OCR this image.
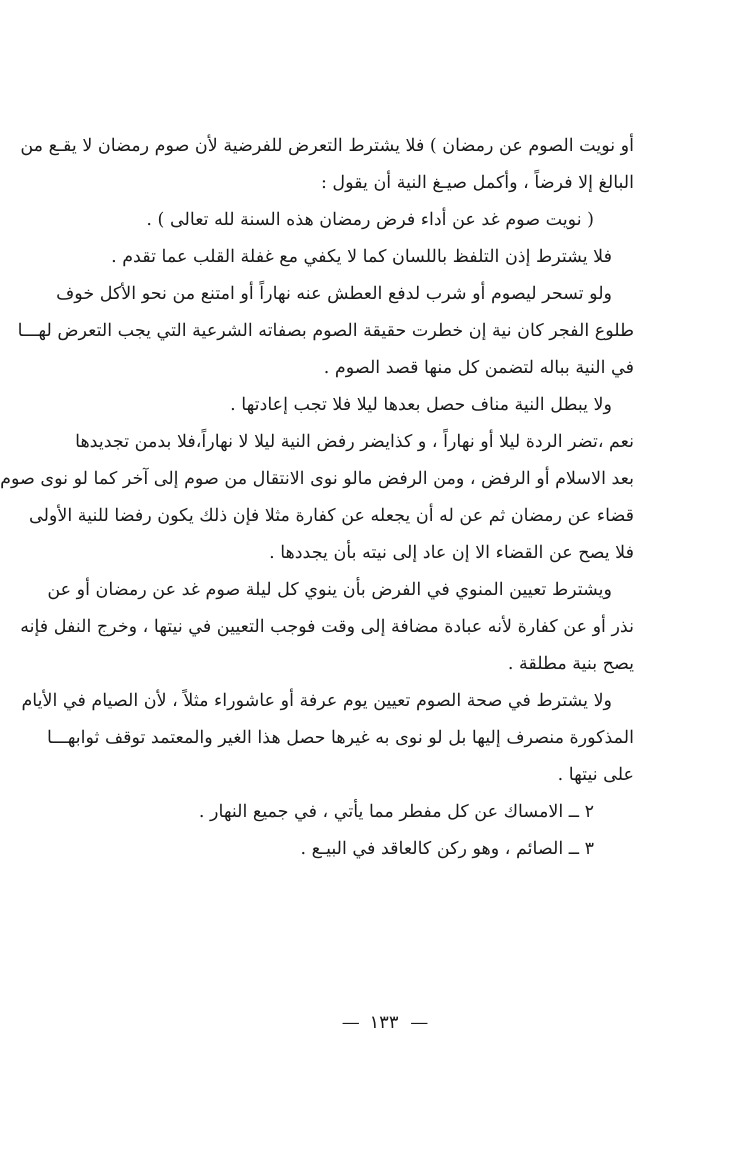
أو نويت الصوم عن رمضان ) فلا يشترط التعرض للفرضية لأن صوم رمضان لا يقـع من
البالغ إلا فرضاً ، وأكمل صيـغ النية أن يقول :
( نويت صوم غد عن أداء فرض رمضان هذه السنة لله تعالى ) .
فلا يشترط إذن التلفظ باللسان كما لا يكفي مع غفلة القلب عما تقدم .
ولو تسحر ليصوم أو شرب لدفع العطش عنه نهاراً أو امتنع من نحو الأكل خوف
طلوع الفجر كان نية إن خطرت حقيقة الصوم بصفاته الشرعية التي يجب التعرض لهـــا
في النية بباله لتضمن كل منها قصد الصوم .
ولا يبطل النية مناف حصل بعدها ليلا فلا تجب إعادتها .
نعم ،تضر الردة ليلا أو نهاراً ، و كذايضر رفض النية ليلا لا نهاراً،فلا بدمن تجديدها
بعد الاسلام أو الرفض ، ومن الرفض مالو نوى الانتقال من صوم إلى آخر كما لو نوى صوم
قضاء عن رمضان ثم عن له أن يجعله عن كفارة مثلا فإن ذلك يكون رفضا للنية الأولى
فلا يصح عن القضاء الا إن عاد إلى نيته بأن يجددها .
ويشترط تعيين المنوي في الفرض بأن ينوي كل ليلة صوم غد عن رمضان أو عن
نذر أو عن كفارة لأنه عبادة مضافة إلى وقت فوجب التعيين في نيتها ، وخرج النفل فإنه
يصح بنية مطلقة .
ولا يشترط في صحة الصوم تعيين يوم عرفة أو عاشوراء مثلاً ، لأن الصيام في الأيام
المذكورة منصرف إليها بل لو نوى به غيرها حصل هذا الغير والمعتمد توقف ثوابهـــا
على نيتها .
٢ ــ الامساك عن كل مفطر مما يأتي ، في جميع النهار .
٣ ــ الصائم ، وهو ركن كالعاقد في البيـع .
— ١٣٣ —
